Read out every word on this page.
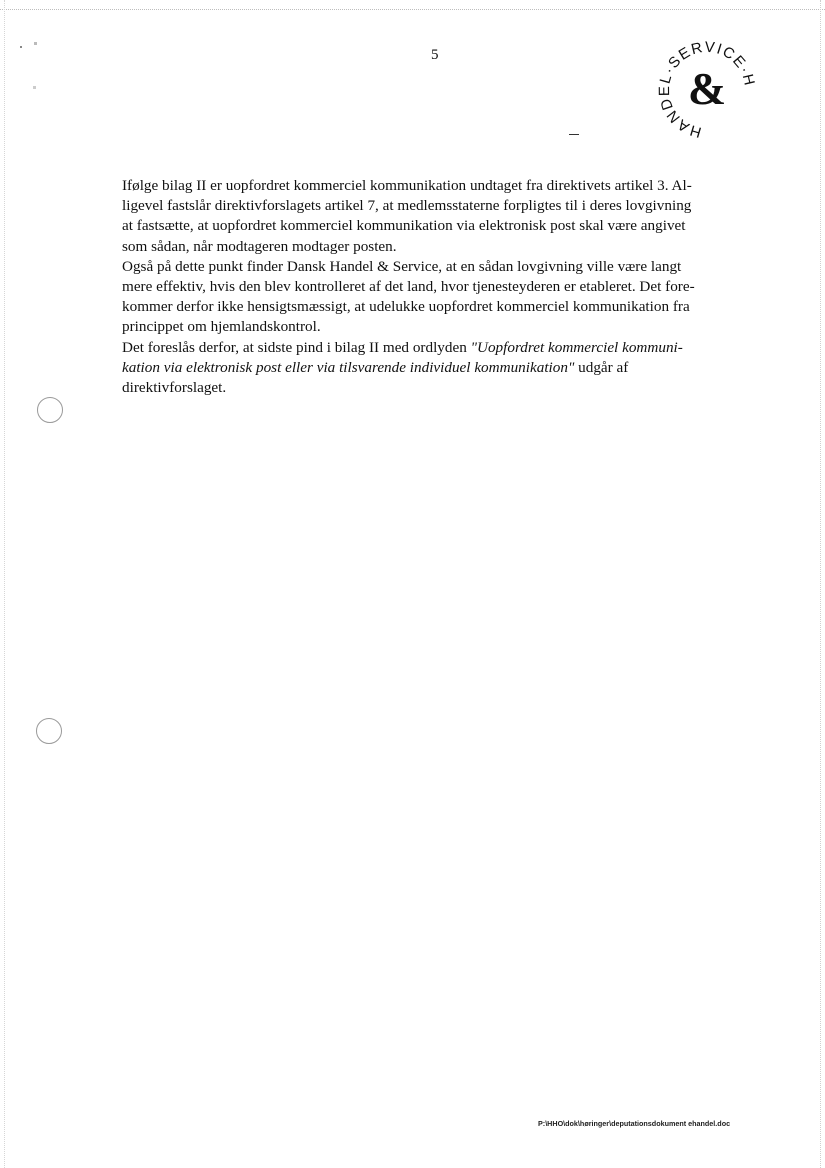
5
HANDEL·SERVICE· H
&

Ifølge bilag II er uopfordret kommerciel kommunikation undtaget fra direktivets artikel 3. Al-

ligevel fastslår direktivforslagets artikel 7, at medlemsstaterne forpligtes til i deres lovgivning

at fastsætte, at uopfordret kommerciel kommunikation via elektronisk post skal være angivet

som sådan, når modtageren modtager posten.

Også på dette punkt finder Dansk Handel & Service, at en sådan lovgivning ville være langt

mere effektiv, hvis den blev kontrolleret af det land, hvor tjenesteyderen er etableret. Det fore-

kommer derfor ikke hensigtsmæssigt, at udelukke uopfordret kommerciel kommunikation fra

princippet om hjemlandskontrol.

Det foreslås derfor, at sidste pind i bilag II med ordlyden "Uopfordret kommerciel kommuni-

kation via elektronisk post eller via tilsvarende individuel kommunikation" udgår af

direktivforslaget.

P:\HHO\dok\høringer\deputationsdokument ehandel.doc
